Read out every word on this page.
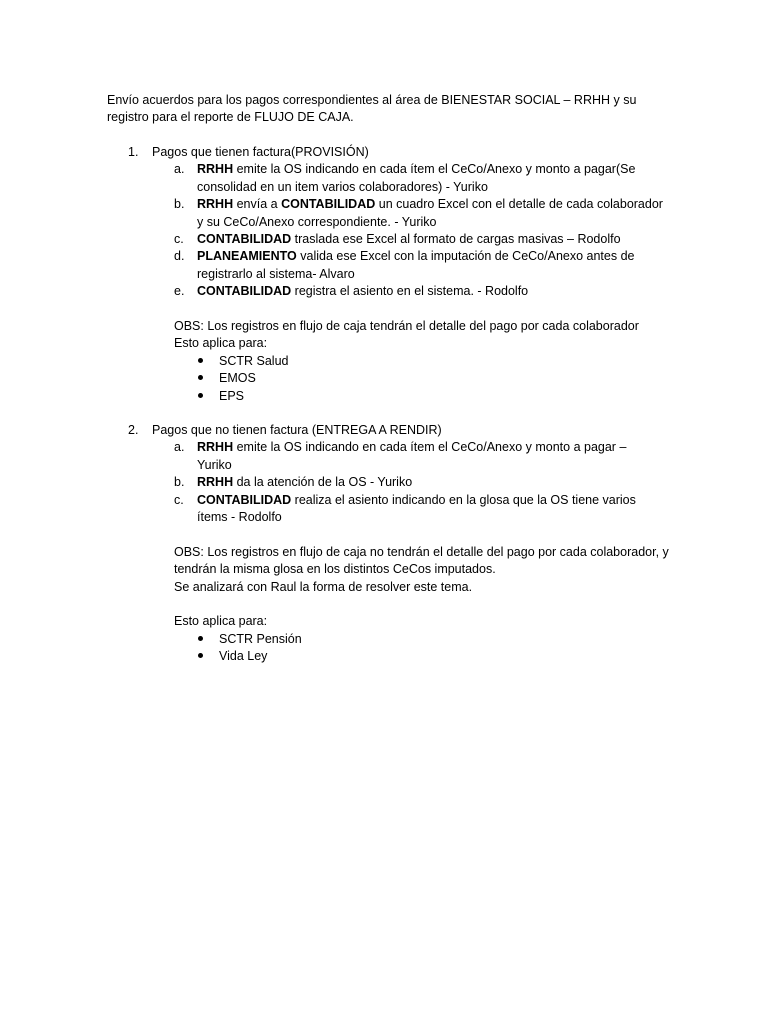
Envío acuerdos para los pagos correspondientes al área de BIENESTAR SOCIAL – RRHH y su registro para el reporte de FLUJO DE CAJA.

1. Pagos que tienen factura(PROVISIÓN)
a. RRHH emite la OS indicando en cada ítem el CeCo/Anexo y monto a pagar(Se consolidad en un item varios colaboradores) - Yuriko
b. RRHH envía a CONTABILIDAD un cuadro Excel con el detalle de cada colaborador y su CeCo/Anexo correspondiente. - Yuriko
c. CONTABILIDAD traslada ese Excel al formato de cargas masivas – Rodolfo
d. PLANEAMIENTO valida ese Excel con la imputación de CeCo/Anexo antes de registrarlo al sistema- Alvaro
e. CONTABILIDAD registra el asiento en el sistema. - Rodolfo
OBS: Los registros en flujo de caja tendrán el detalle del pago por cada colaborador
Esto aplica para:
SCTR Salud
EMOS
EPS
2. Pagos que no tienen factura (ENTREGA A RENDIR)
a. RRHH emite la OS indicando en cada ítem el CeCo/Anexo y monto a pagar – Yuriko
b. RRHH da la atención de la OS - Yuriko
c. CONTABILIDAD realiza el asiento indicando en la glosa que la OS tiene varios ítems - Rodolfo
OBS: Los registros en flujo de caja no tendrán el detalle del pago por cada colaborador, y tendrán la misma glosa en los distintos CeCos imputados.
Se analizará con Raul la forma de resolver este tema.
Esto aplica para:
SCTR Pensión
Vida Ley
